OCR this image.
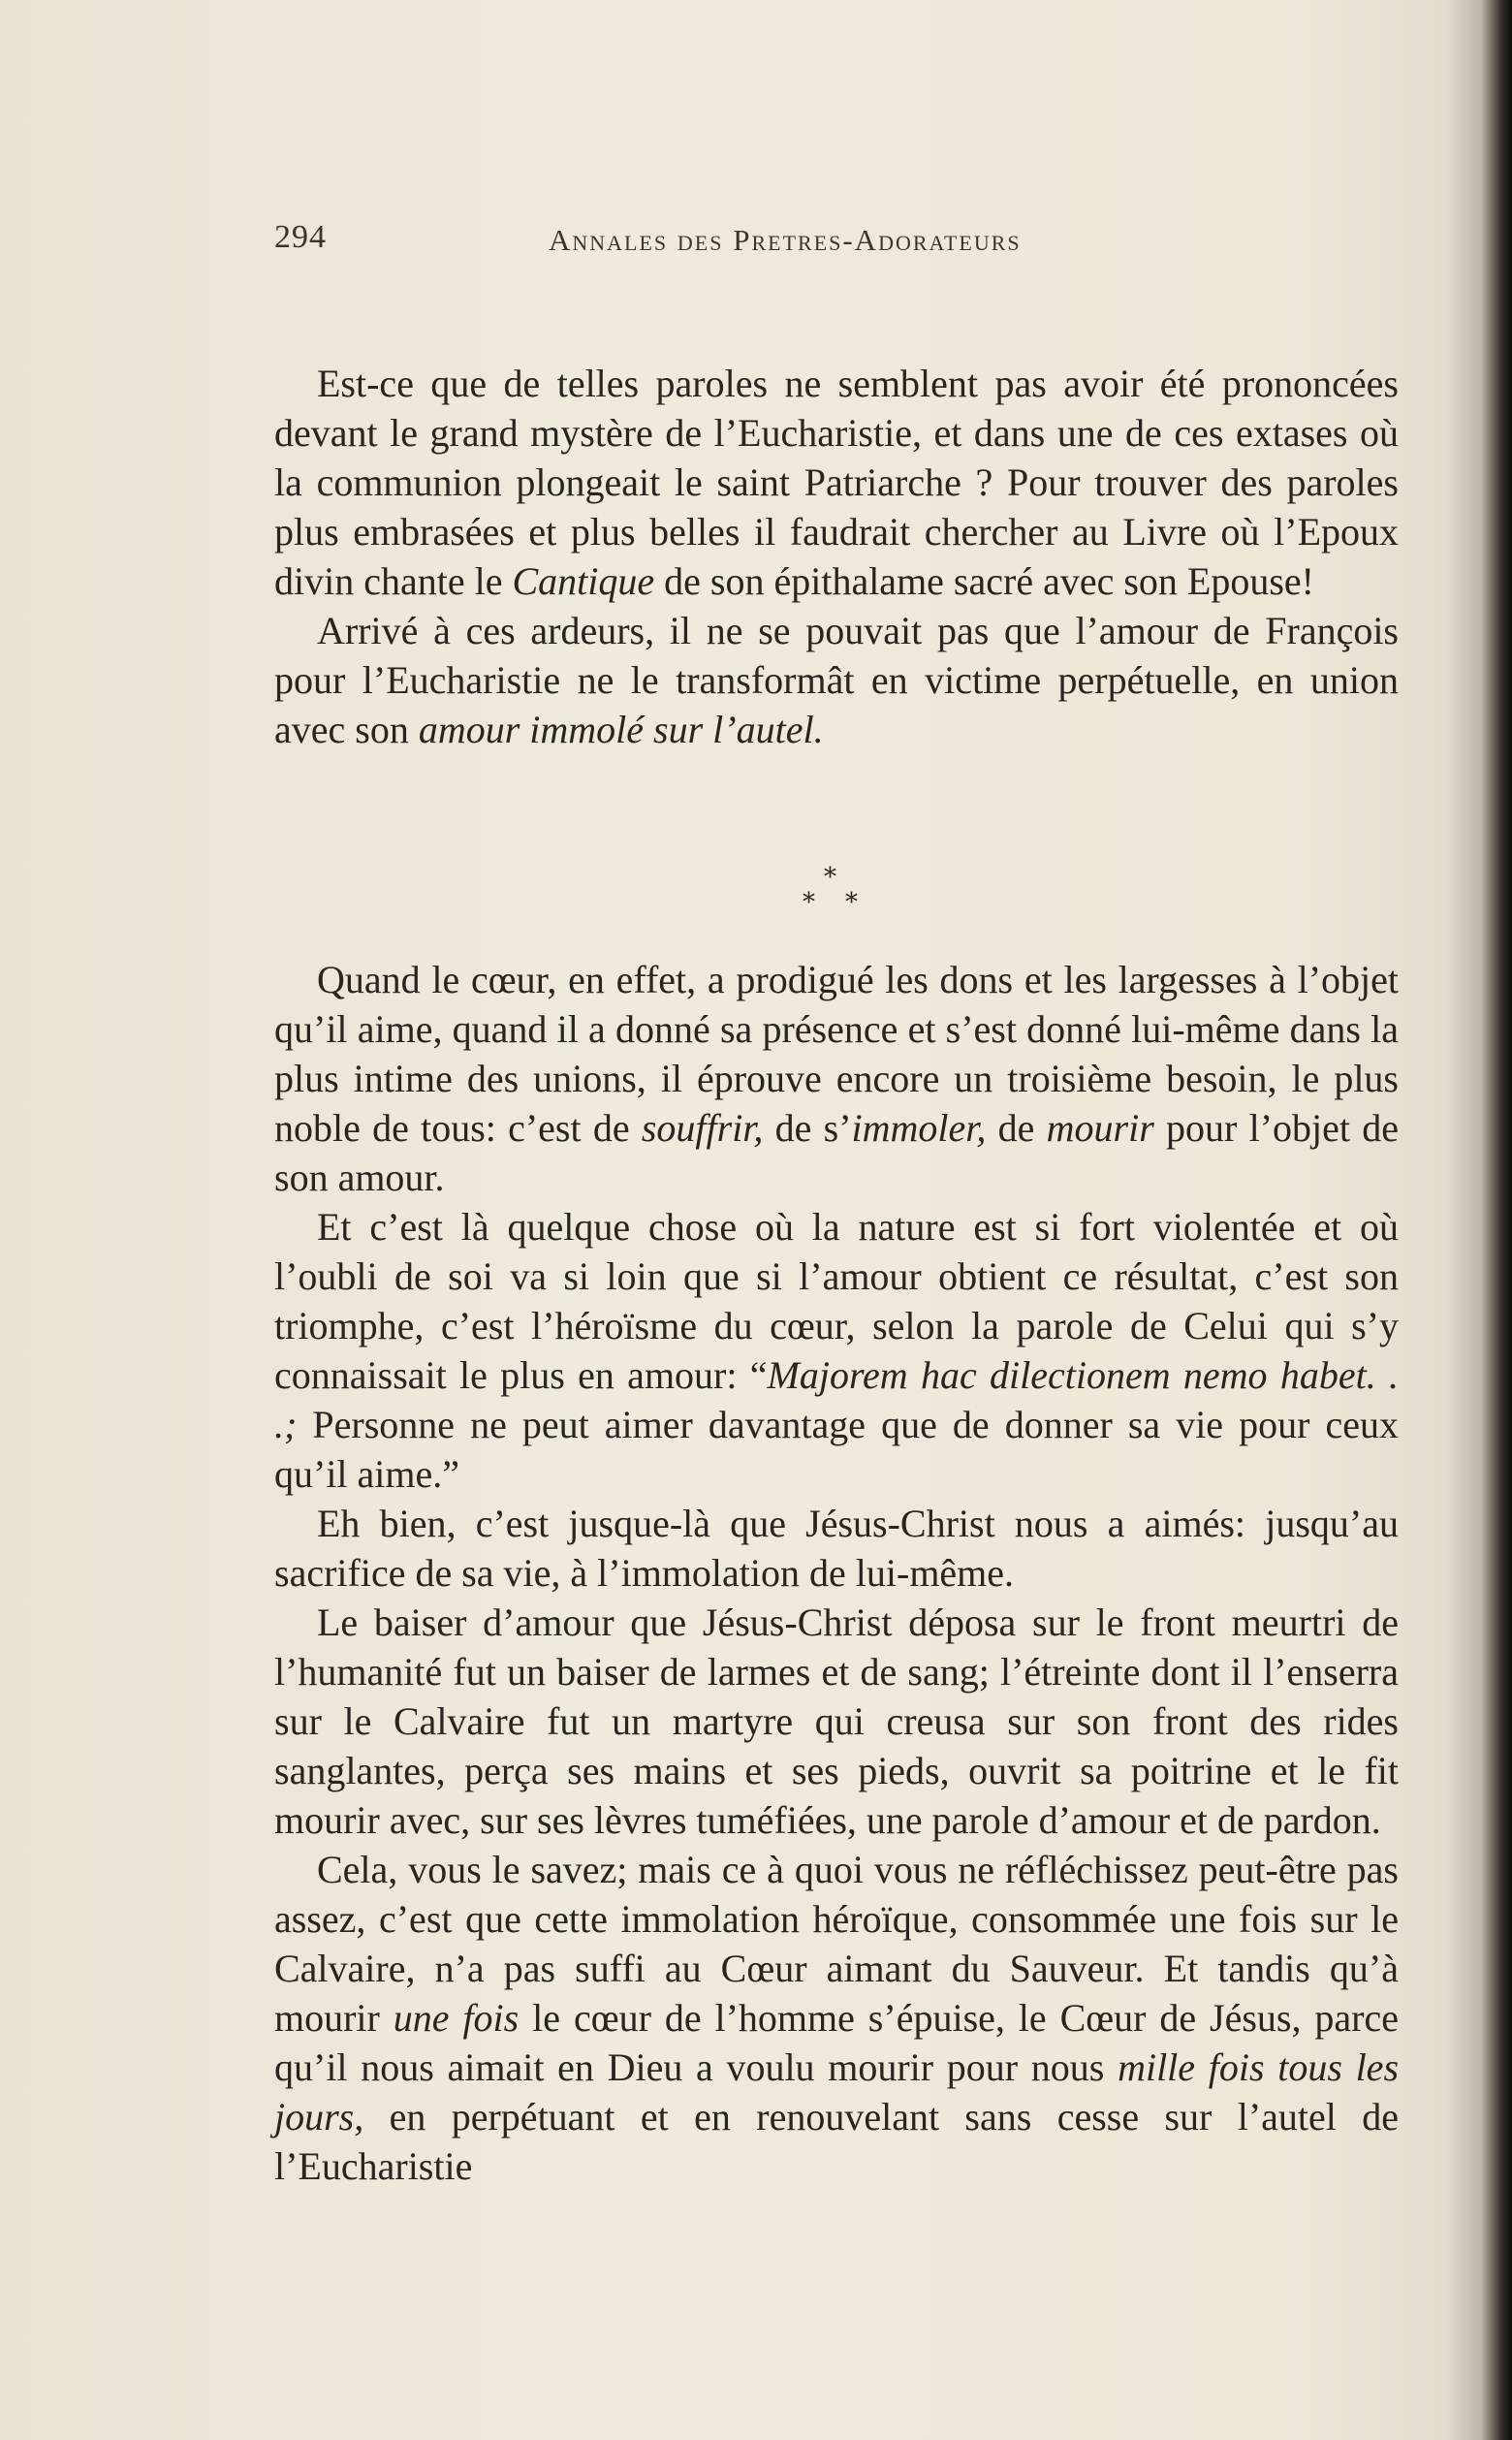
294	Annales des Pretres-Adorateurs

Est-ce que de telles paroles ne semblent pas avoir été prononcées devant le grand mystère de l’Eucharistie, et dans une de ces extases où la communion plongeait le saint Patriarche ? Pour trouver des paroles plus embrasées et plus belles il faudrait chercher au Livre où l’Epoux divin chante le Cantique de son épithalame sacré avec son Epouse!

Arrivé à ces ardeurs, il ne se pouvait pas que l’amour de François pour l’Eucharistie ne le transformât en victime perpétuelle, en union avec son amour immolé sur l’autel.

*
* *

Quand le cœur, en effet, a prodigué les dons et les largesses à l’objet qu’il aime, quand il a donné sa présence et s’est donné lui-même dans la plus intime des unions, il éprouve encore un troisième besoin, le plus noble de tous: c’est de souffrir, de s’immoler, de mourir pour l’objet de son amour.

Et c’est là quelque chose où la nature est si fort violentée et où l’oubli de soi va si loin que si l’amour obtient ce résultat, c’est son triomphe, c’est l’héroïsme du cœur, selon la parole de Celui qui s’y connaissait le plus en amour: “Majorem hac dilectionem nemo habet. . .; Personne ne peut aimer davantage que de donner sa vie pour ceux qu’il aime.”

Eh bien, c’est jusque-là que Jésus-Christ nous a aimés: jusqu’au sacrifice de sa vie, à l’immolation de lui-même.

Le baiser d’amour que Jésus-Christ déposa sur le front meurtri de l’humanité fut un baiser de larmes et de sang; l’étreinte dont il l’enserra sur le Calvaire fut un martyre qui creusa sur son front des rides sanglantes, perça ses mains et ses pieds, ouvrit sa poitrine et le fit mourir avec, sur ses lèvres tuméfiées, une parole d’amour et de pardon.

Cela, vous le savez; mais ce à quoi vous ne réfléchissez peut-être pas assez, c’est que cette immolation héroïque, consommée une fois sur le Calvaire, n’a pas suffi au Cœur aimant du Sauveur. Et tandis qu’à mourir une fois le cœur de l’homme s’épuise, le Cœur de Jésus, parce qu’il nous aimait en Dieu a voulu mourir pour nous mille fois tous les jours, en perpétuant et en renouvelant sans cesse sur l’autel de l’Eucharistie
